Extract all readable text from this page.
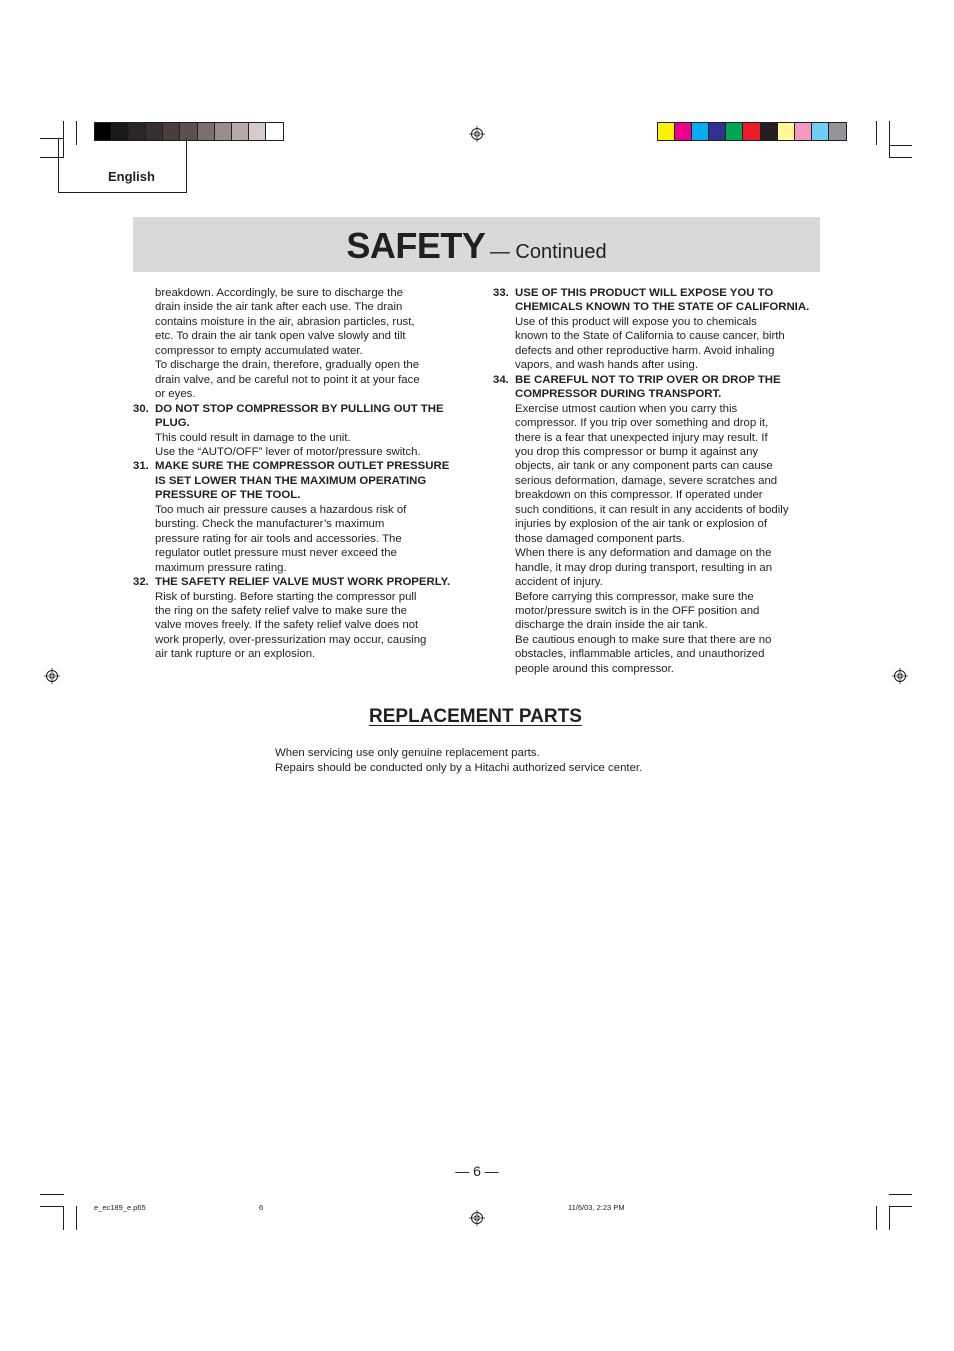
English
SAFETY — Continued

breakdown. Accordingly, be sure to discharge the

drain inside the air tank after each use. The drain

contains moisture in the air, abrasion particles, rust,

etc. To drain the air tank open valve slowly and tilt

compressor to empty accumulated water.

To discharge the drain, therefore, gradually open the

drain valve, and be careful not to point it at your face

or eyes.

30. DO NOT STOP COMPRESSOR BY PULLING OUT THE

PLUG.

This could result in damage to the unit.

Use the “AUTO/OFF” lever of motor/pressure switch.

31. MAKE SURE THE COMPRESSOR OUTLET PRESSURE

IS SET LOWER THAN THE MAXIMUM OPERATING

PRESSURE OF THE TOOL.

Too much air pressure causes a hazardous risk of

bursting. Check the manufacturer’s maximum

pressure rating for air tools and accessories. The

regulator outlet pressure must never exceed the

maximum pressure rating.

32. THE SAFETY RELIEF VALVE MUST WORK PROPERLY.

Risk of bursting. Before starting the compressor pull

the ring on the safety relief valve to make sure the

valve moves freely. If the safety relief valve does not

work properly, over-pressurization may occur, causing

air tank rupture or an explosion.

33. USE OF THIS PRODUCT WILL EXPOSE YOU TO

CHEMICALS KNOWN TO THE STATE OF CALIFORNIA.

Use of this product will expose you to chemicals

known to the State of California to cause cancer, birth

defects and other reproductive harm. Avoid inhaling

vapors, and wash hands after using.

34. BE CAREFUL NOT TO TRIP OVER OR DROP THE

COMPRESSOR DURING TRANSPORT.

Exercise utmost caution when you carry this

compressor. If you trip over something and drop it,

there is a fear that unexpected injury may result. If

you drop this compressor or bump it against any

objects, air tank or any component parts can cause

serious deformation, damage, severe scratches and

breakdown on this compressor. If operated under

such conditions, it can result in any accidents of bodily

injuries by explosion of the air tank or explosion of

those damaged component parts.

When there is any deformation and damage on the

handle, it may drop during transport, resulting in an

accident of injury.

Before carrying this compressor, make sure the

motor/pressure switch is in the OFF position and

discharge the drain inside the air tank.

Be cautious enough to make sure that there are no

obstacles, inflammable articles, and unauthorized

people around this compressor.

REPLACEMENT PARTS

When servicing use only genuine replacement parts.

Repairs should be conducted only by a Hitachi authorized service center.

— 6 —
e_ec189_e.p65	6	11/6/03, 2:23 PM
